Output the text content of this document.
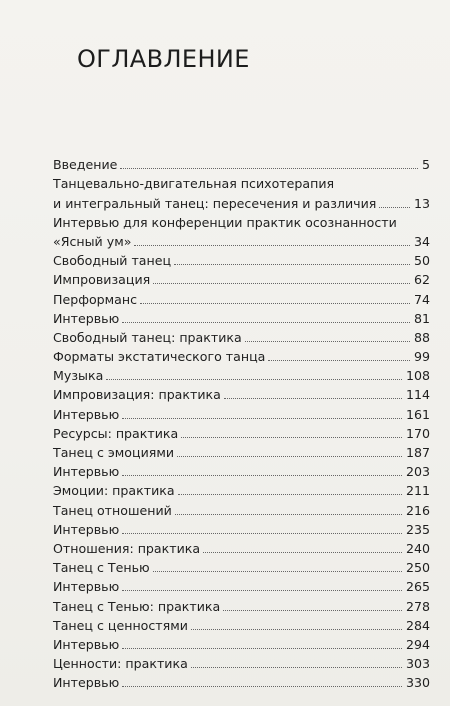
ОГЛАВЛЕНИЕ
Введение	5
Танцевально-двигательная психотерапия
и интегральный танец: пересечения и различия	13
Интервью для конференции практик осознанности
«Ясный ум»	34
Свободный танец	50
Импровизация	62
Перформанс	74
Интервью	81
Свободный танец: практика	88
Форматы экстатического танца	99
Музыка	108
Импровизация: практика	114
Интервью	161
Ресурсы: практика	170
Танец с эмоциями	187
Интервью	203
Эмоции: практика	211
Танец отношений	216
Интервью	235
Отношения: практика	240
Танец с Тенью	250
Интервью	265
Танец с Тенью: практика	278
Танец с ценностями	284
Интервью	294
Ценности: практика	303
Интервью	330
